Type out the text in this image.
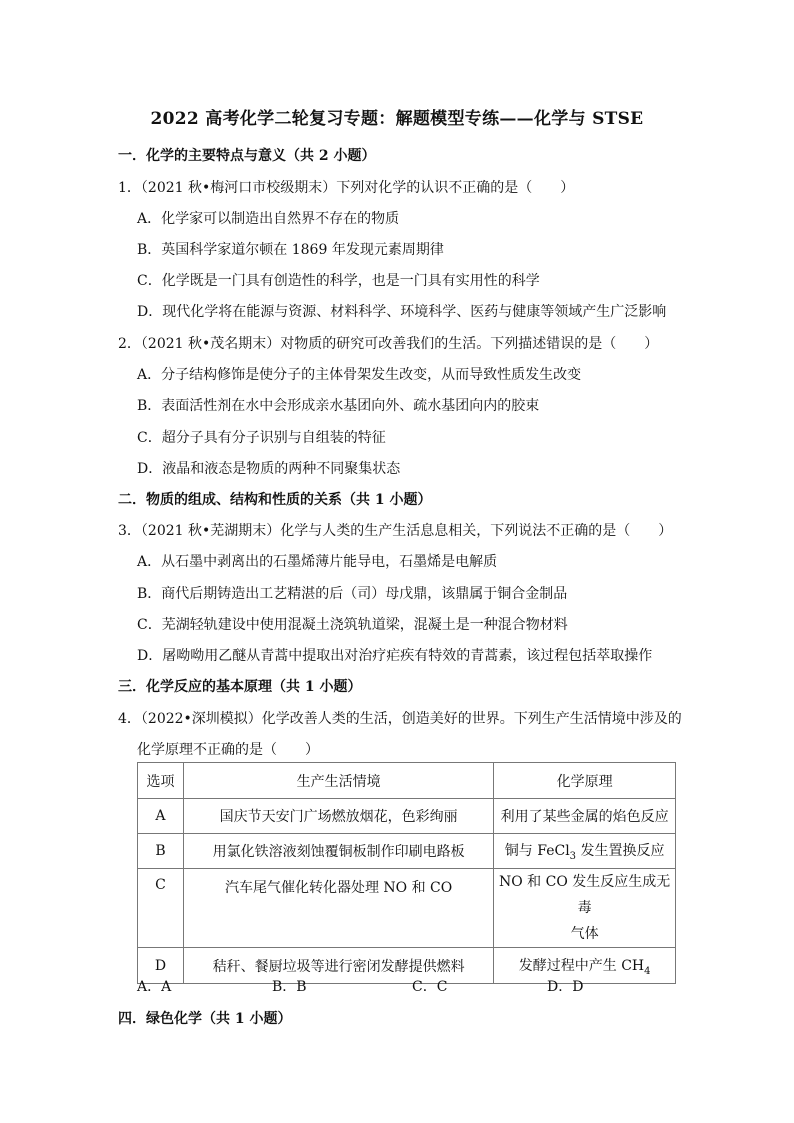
2022 高考化学二轮复习专题：解题模型专练——化学与 STSE
一．化学的主要特点与意义（共 2 小题）
1．（2021 秋•梅河口市校级期末）下列对化学的认识不正确的是（　　）
A．化学家可以制造出自然界不存在的物质
B．英国科学家道尔顿在 1869 年发现元素周期律
C．化学既是一门具有创造性的科学，也是一门具有实用性的科学
D．现代化学将在能源与资源、材料科学、环境科学、医药与健康等领域产生广泛影响
2．（2021 秋•茂名期末）对物质的研究可改善我们的生活。下列描述错误的是（　　）
A．分子结构修饰是使分子的主体骨架发生改变，从而导致性质发生改变
B．表面活性剂在水中会形成亲水基团向外、疏水基团向内的胶束
C．超分子具有分子识别与自组装的特征
D．液晶和液态是物质的两种不同聚集状态
二．物质的组成、结构和性质的关系（共 1 小题）
3．（2021 秋•芜湖期末）化学与人类的生产生活息息相关，下列说法不正确的是（　　）
A．从石墨中剥离出的石墨烯薄片能导电，石墨烯是电解质
B．商代后期铸造出工艺精湛的后（司）母戊鼎，该鼎属于铜合金制品
C．芜湖轻轨建设中使用混凝土浇筑轨道梁，混凝土是一种混合物材料
D．屠呦呦用乙醚从青蒿中提取出对治疗疟疾有特效的青蒿素，该过程包括萃取操作
三．化学反应的基本原理（共 1 小题）
4．（2022•深圳模拟）化学改善人类的生活，创造美好的世界。下列生产生活情境中涉及的
化学原理不正确的是（　　）
选项	生产生活情境	化学原理
A	国庆节天安门广场燃放烟花，色彩绚丽	利用了某些金属的焰色反应
B	用氯化铁溶液刻蚀覆铜板制作印刷电路板	铜与 FeCl$_3$ 发生置换反应
C	汽车尾气催化转化器处理 NO 和 CO	NO 和 CO 发生反应生成无毒
气体
D	秸秆、餐厨垃圾等进行密闭发酵提供燃料	发酵过程中产生 $CH_4$
A．A	B．B	C．C	D．D
四．绿色化学（共 1 小题）
